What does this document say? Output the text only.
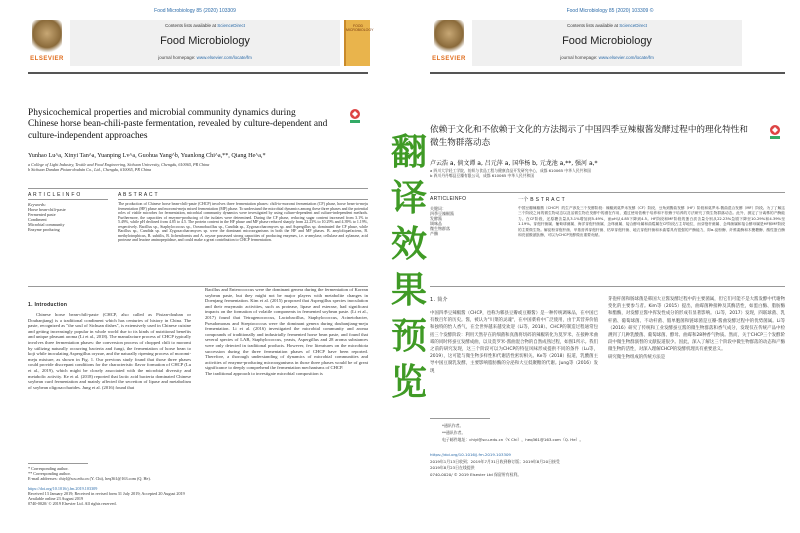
Food Microbiology 85 (2020) 103309
ELSEVIER
Contents lists available at ScienceDirect
Food Microbiology
journal homepage: www.elsevier.com/locate/fm
FOOD MICROBIOLOGY
Physicochemical properties and microbial community dynamics during Chinese horse bean-chili-paste fermentation, revealed by culture-dependent and culture-independent approaches
Yunhao Lu^a, Xinyi Tan^a, Yuanping Lv^a, Guohua Yang^b, Yuanlong Chi^a,**, Qiang He^a,*
a College of Light Industry, Textile and Food Engineering, Sichuan University, Chengdu, 610065, PR China
b Sichuan Dandan Pixian-doubán Co., Ltd., Chengdu, 610065, PR China
A R T I C L E I N F O
Keywords:
Horse bean-chili-paste
Fermented paste
Condiment
Microbial community
Enzyme producing
A B S T R A C T
The production of Chinese horse bean-chili-paste (CHCP) involves three fermentation phases: chili-to-moromi fermentation (CF) phase, horse bean-to-meju fermentation (HF) phase and moromi-meju mixed fermentation (MF) phase. To understand the microbial dynamics among these three phases and the potential roles of viable microbes for fermentation, microbial community dynamics were investigated by using culture-dependent and culture-independent methods. Furthermore, the capacities of enzyme-producing of the isolates were determined. During the CF phase, reducing sugar content increased from 3.1% to 5.49%, while pH declined from 4.85 to 4.5. The protein content in the HF phase and MF phase reduced sharply from 22.23% to 10.29% and 4.39% to 1.19%, respectively. Bacillus sp., Staphylococcus sp., Oceanobacillus sp., Candida sp., Zygosaccharomyces sp. and Aspergillus sp. dominated the CF phase, while Bacillus sp., Candida sp. and Zygosaccharomyces sp. were the dominant microorganisms in both the HF and MF phases. B. amyloliquefaciens, B. methylotrophicus, B. subtilis, B. licheniformis and A. oryzae possessed strong capacities of producing enzymes, i.e. α-amylase, cellulase and xylanase, acid protease and leucine aminopeptidase, and could make a great contribution to CHCP fermentation.
1. Introduction
Chinese horse bean-chili-paste (CHCP, also called as Pixian-douban or Doubanjiang) is a traditional condiment which has centuries of history in China. The paste, recognized as "the soul of Sichuan dishes", is extensively used in Chinese cuisine and getting increasingly popular in whole world due to its kinds of nutritional benefits and unique pleasant aroma (Li et al., 2018). The manufacture process of CHCP typically involves three fermentation phases: the conversion process of chopped chili to moromi by utilizing naturally occurring bacteria and fungi, the fermentation of horse bean to koji while inoculating Aspergillus oryzae, and the naturally ripening process of moromi-meju mixture, as shown in Fig. 1. Our previous study found that those three phases could provide discrepant conditions for the characteristic flavor formation of CHCP (Lu et al., 2019), which might be closely associated with the microbial diversity and metabolic activity. Ke et al. (2018) reported that lactic acid bacteria dominated Chinese soybean curd fermentation and mainly affected the secretion of lipase and metabolism of soybean oligosaccharides. Jung et al. (2016) found that
Bacillus and Enterococcus were the dominant genera during the fermentation of Korean soybean paste, but they might not be major players with metabolite changes in Doenjang fermentation. Kim et al. (2015) proposed that Aspergillus species inoculation and their enzymatic activities, such as protease, lipase and esterase, had significant impacts on the formation of volatile components in fermented soybean paste. (Li et al., 2017) found that Tetragenococcus, Lactobacillus, Staphylococcus, Acinetobacter, Pseudomonas and Streptococcus were the dominant genera during doubanjiang-meju fermentation. Li et al. (2016) investigated the microbial community and aroma compounds of traditionally and industrially fermented horse bean paste, and found that several species of LAB, Staphylococcus, yeasts, Aspergillus and 28 aroma substances were only detected in traditional products. However, few literatures on the microbiota succession during the three fermentation phases of CHCP have been reported. Therefore, a thorough understanding of dynamics of microbial communities and activities of enzyme-producing microorganisms in those three phases would be of great significance to deeply comprehend the fermentation mechanisms of CHCP.
The traditional approach to investigate microbial composition is
* Corresponding author.
** Corresponding author.
E-mail addresses: chiyl@scu.edu.cn (Y. Chi), heq361@163.com (Q. He).
https://doi.org/10.1016/j.fm.2019.103309
Received 13 January 2019; Received in revised form 31 July 2019; Accepted 20 August 2019
Available online 23 August 2019
0740-0020/ © 2019 Elsevier Ltd. All rights reserved.
翻
译
效
果
预
览
Food Microbiology 85 (2020) 103309 ©
ELSEVIER
Contents lists available at ScienceDirect
Food Microbiology
journal homepage: www.elsevier.com/locate/fm
依赖于文化和不依赖于文化的方法揭示了中国四季豆辣椒酱发酵过程中的理化特性和微生物群落动态
卢云浩 a, 倘文谭 a, 吕元萍 a, 国华杨 b, 元龙池 a,**, 强河 a,*
a 四川大学轻工学院，纺织与食品工程与健康食品开发研究中心，成都 610065 中华人民共和国
b 四川丹丹郫县豆瓣有限公司，成都 610065 中华人民共和国
ARTICLEINFO
关键词：
四季豆辣椒酱
发酵酱
调味品
微生物群落
产酶
一个 B S T R A C T
中国豆瓣辣椒酱（CHCP）的生产涉及三个发酵阶段：辣椒到莫罗米发酵（CF）阶段、豆角到酱曲发酵（HF）阶段和莫罗米-酱曲混合发酵（MF）阶段。为了了解这三个阶段之间的微生物动态以及活微生物在发酵中的潜在作用，通过使用依赖于培养和不依赖于培养的方法研究了微生物群落动态。此外，测定了分离株的产酶能力。在CF阶段，还原糖含量从3.1%增加到5.49%，而pH从4.85下降到4.5。HF阶段和MF阶段的蛋白质含量分别从22.23%急剧下降至10.29%和4.39%至1.19%。芽孢杆菌属、葡萄球菌属、海洋芽孢杆菌属、念珠菌属、接合酵母属和曲霉属在CF阶段占主导地位，而芽孢杆菌属、念珠菌属和接合酵母属是HF和MF阶段的主要微生物。解淀粉芽孢杆菌、甲基营养芽孢杆菌、枯草芽孢杆菌、地衣芽孢杆菌和米曲霉具有很强的产酶能力，即α-淀粉酶、纤维素酶和木聚糖酶、酸性蛋白酶和亮氨酸氨肽酶，可以为CHCP发酵做出重要贡献。
1. 简介
中国四季豆辣椒酱（CHCP，也称为郫县豆瓣或豆瓣酱）是一种传统调味品，在中国已有数百年的历史。酱，被认为"川菜的灵魂"，在中国菜肴中广泛使用，由于其营养价值和独特的怡人香气，在全世界越来越受欢迎（Li等，2018）。CHCP的制造过程通常包括三个发酵阶段：利用天然存在的细菌和真菌将切碎的辣椒转化为莫罗米、在接种米曲霉的同时将蚕豆发酵成曲，以及莫罗米-酱曲混合物的自然成熟过程，如图1所示。我们之前的研究发现，这三个阶段可以为CHCP的特征风味形成提供不同的条件（Lu等，2019），这可能与微生物多样性和代谢活性密切相关。Ke等（2018）报道，乳酸菌主导中国豆腐乳发酵，主要影响脂肪酶的分泌和大豆低聚糖的代谢。Jung等（2016）发现
芽孢杆菌和肠球菌是韩国大豆酱发酵过程中的主要菌属，但它们可能不是大酱发酵中代谢物变化的主要参与者。Kim等（2015）提出，曲霉菌种接种及其酶活性，如蛋白酶、脂肪酶和酯酶，对发酵豆酱中挥发性成分的形成有显著影响。（Li等，2017）发现，四联球菌、乳杆菌、葡萄球菌、不动杆菌、假单胞菌和链球菌是豆瓣-酱曲发酵过程中的优势菌属。Li等（2016）研究了传统和工业发酵蚕豆酱的微生物群落和香气成分，发现仅在传统产品中检测到了几种乳酸菌、葡萄球菌、酵母、曲霉和28种香气物质。然而，关于CHCP三个发酵阶段中微生物群演替的文献报道很少。因此，深入了解这三个阶段中微生物群落的动态和产酶微生物的活性，对深入理解CHCP的发酵机理具有重要意义。
研究微生物组成的传统方法是
*通讯作者。
**通讯作者。
电子邮件地址：chiyl@scu.edu.cn（Y. Chi），heq361@163.com（Q. He）。
https://doi.org/10.1016/j.fm.2019.103309
2019年1月13日收到；2019年7月31日收到修订版；2019年8月20日接受
2019年8月23日在线提供
0740-0020/ © 2019 Elsevier Ltd 保留所有权利。
